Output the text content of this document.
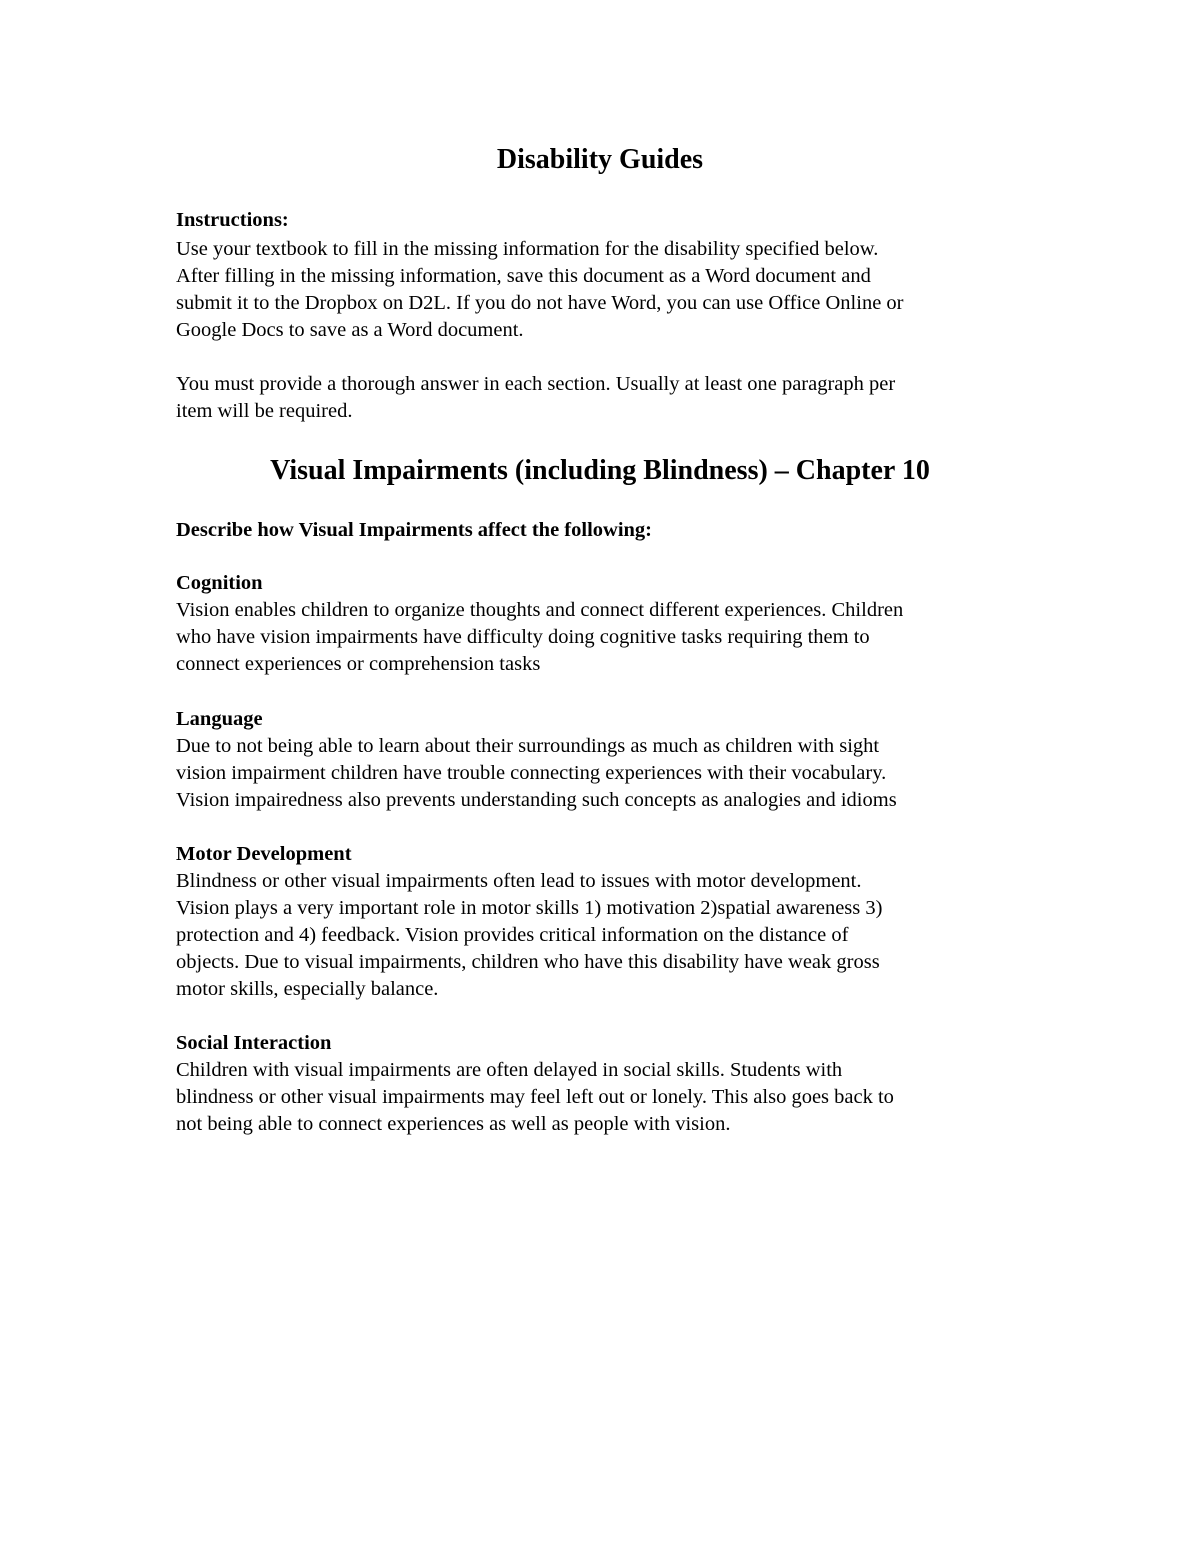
Disability Guides
Instructions:
Use your textbook to fill in the missing information for the disability specified below.
After filling in the missing information, save this document as a Word document and
submit it to the Dropbox on D2L. If you do not have Word, you can use Office Online or
Google Docs to save as a Word document.
You must provide a thorough answer in each section. Usually at least one paragraph per
item will be required.
Visual Impairments (including Blindness) – Chapter 10
Describe how Visual Impairments affect the following:
Cognition
Vision enables children to organize thoughts and connect different experiences. Children
who have vision impairments have difficulty doing cognitive tasks requiring them to
connect experiences or comprehension tasks
Language
Due to not being able to learn about their surroundings as much as children with sight
vision impairment children have trouble connecting experiences with their vocabulary.
Vision impairedness also prevents understanding such concepts as analogies and idioms
Motor Development
Blindness or other visual impairments often lead to issues with motor development.
Vision plays a very important role in motor skills 1) motivation 2)spatial awareness 3)
protection and 4) feedback. Vision provides critical information on the distance of
objects. Due to visual impairments, children who have this disability have weak gross
motor skills, especially balance.
Social Interaction
Children with visual impairments are often delayed in social skills. Students with
blindness or other visual impairments may feel left out or lonely. This also goes back to
not being able to connect experiences as well as people with vision.
